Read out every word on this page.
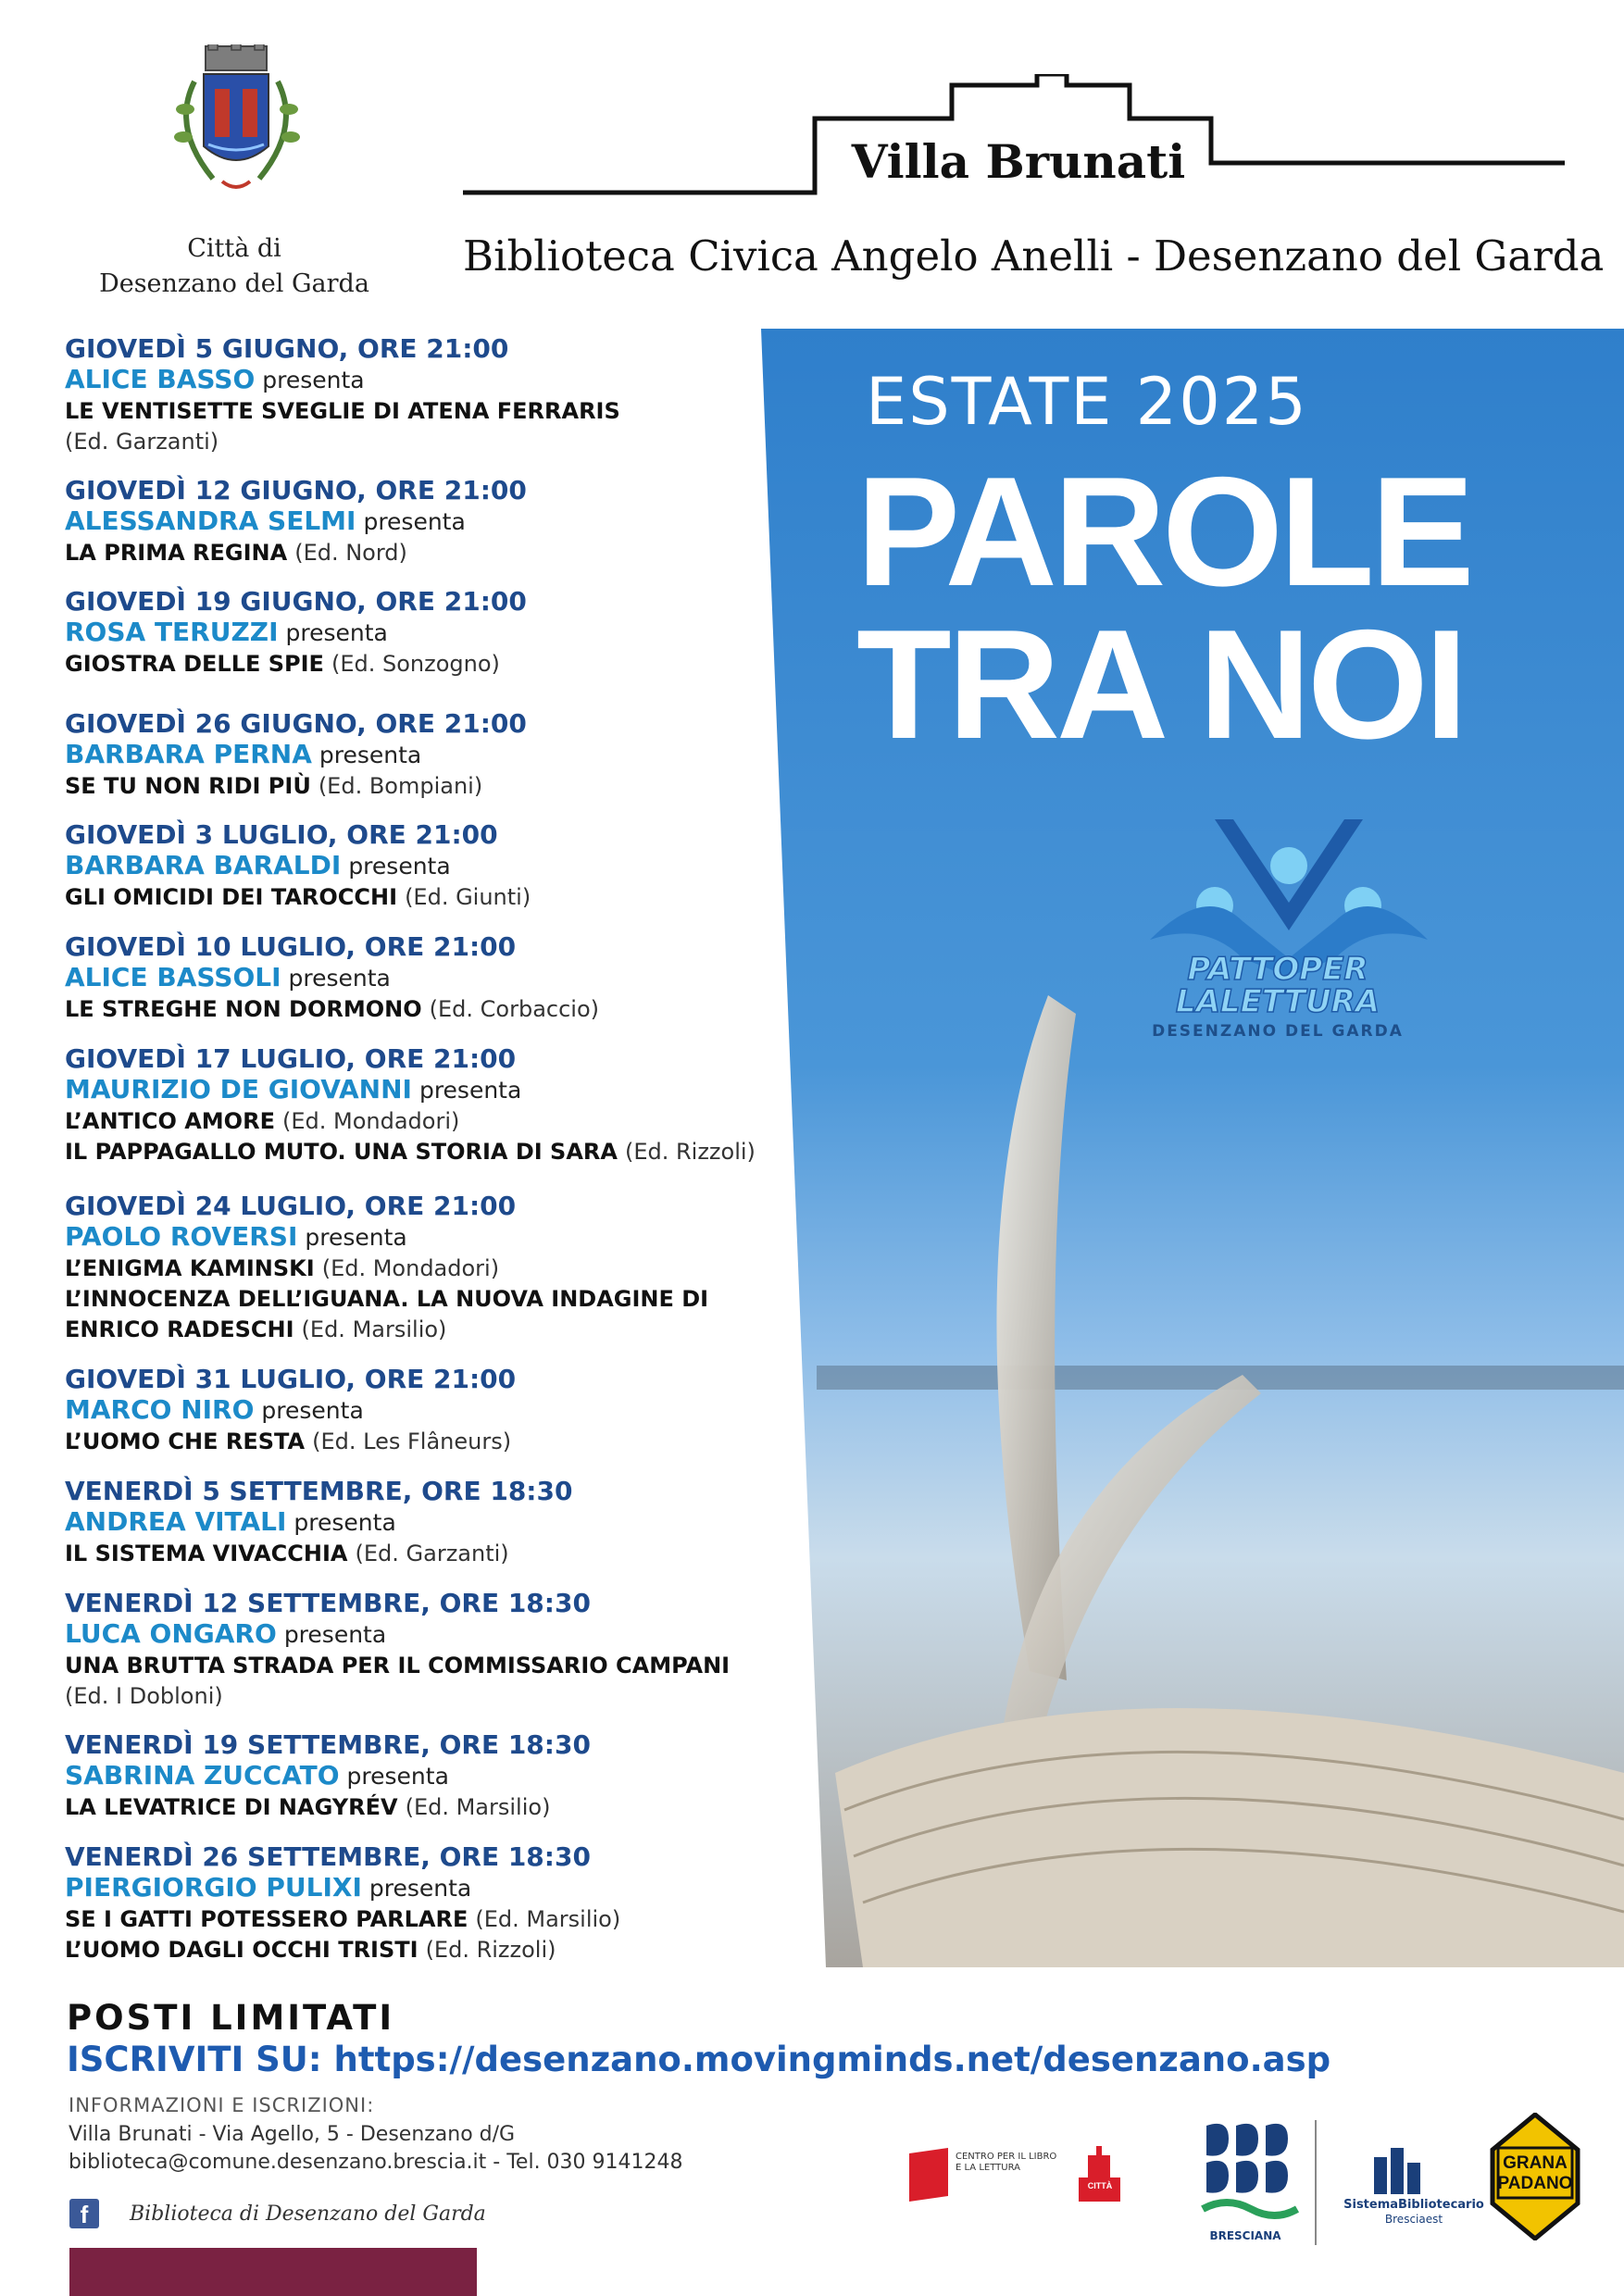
Città di
Desenzano del Garda
Villa Brunati
Biblioteca Civica Angelo Anelli - Desenzano del Garda
ESTATE 2025
PAROLE
TRA NOI
PATTOPER
LALETTURA
DESENZANO DEL GARDA
GIOVEDÌ 5 GIUGNO, ORE 21:00
ALICE BASSO presenta
LE VENTISETTE SVEGLIE DI ATENA FERRARIS
(Ed. Garzanti)
GIOVEDÌ 12 GIUGNO, ORE 21:00
ALESSANDRA SELMI presenta
LA PRIMA REGINA (Ed. Nord)
GIOVEDÌ 19 GIUGNO, ORE 21:00
ROSA TERUZZI presenta
GIOSTRA DELLE SPIE (Ed. Sonzogno)
GIOVEDÌ 26 GIUGNO, ORE 21:00
BARBARA PERNA presenta
SE TU NON RIDI PIÙ (Ed. Bompiani)
GIOVEDÌ 3 LUGLIO, ORE 21:00
BARBARA BARALDI presenta
GLI OMICIDI DEI TAROCCHI (Ed. Giunti)
GIOVEDÌ 10 LUGLIO, ORE 21:00
ALICE BASSOLI presenta
LE STREGHE NON DORMONO (Ed. Corbaccio)
GIOVEDÌ 17 LUGLIO, ORE 21:00
MAURIZIO DE GIOVANNI presenta
L’ANTICO AMORE (Ed. Mondadori)
IL PAPPAGALLO MUTO. UNA STORIA DI SARA (Ed. Rizzoli)
GIOVEDÌ 24 LUGLIO, ORE 21:00
PAOLO ROVERSI presenta
L’ENIGMA KAMINSKI (Ed. Mondadori)
L’INNOCENZA DELL’IGUANA. LA NUOVA INDAGINE DI
ENRICO RADESCHI (Ed. Marsilio)
GIOVEDÌ 31 LUGLIO, ORE 21:00
MARCO NIRO presenta
L’UOMO CHE RESTA (Ed. Les Flâneurs)
VENERDÌ 5 SETTEMBRE, ORE 18:30
ANDREA VITALI presenta
IL SISTEMA VIVACCHIA (Ed. Garzanti)
VENERDÌ 12 SETTEMBRE, ORE 18:30
LUCA ONGARO presenta
UNA BRUTTA STRADA PER IL COMMISSARIO CAMPANI
(Ed. I Dobloni)
VENERDÌ 19 SETTEMBRE, ORE 18:30
SABRINA ZUCCATO presenta
LA LEVATRICE DI NAGYRÉV (Ed. Marsilio)
VENERDÌ 26 SETTEMBRE, ORE 18:30
PIERGIORGIO PULIXI presenta
SE I GATTI POTESSERO PARLARE (Ed. Marsilio)
L’UOMO DAGLI OCCHI TRISTI (Ed. Rizzoli)
POSTI LIMITATI
ISCRIVITI SU: https://desenzano.movingminds.net/desenzano.asp
INFORMAZIONI E ISCRIZIONI:
Villa Brunati - Via Agello, 5 - Desenzano d/G
biblioteca@comune.desenzano.brescia.it - Tel. 030 9141248
f	Biblioteca di Desenzano del Garda
CENTRO PER IL LIBRO E LA LETTURA
CITTÀ
BRESCIANA
SistemaBibliotecario
Bresciaest
GRANA
PADANO
